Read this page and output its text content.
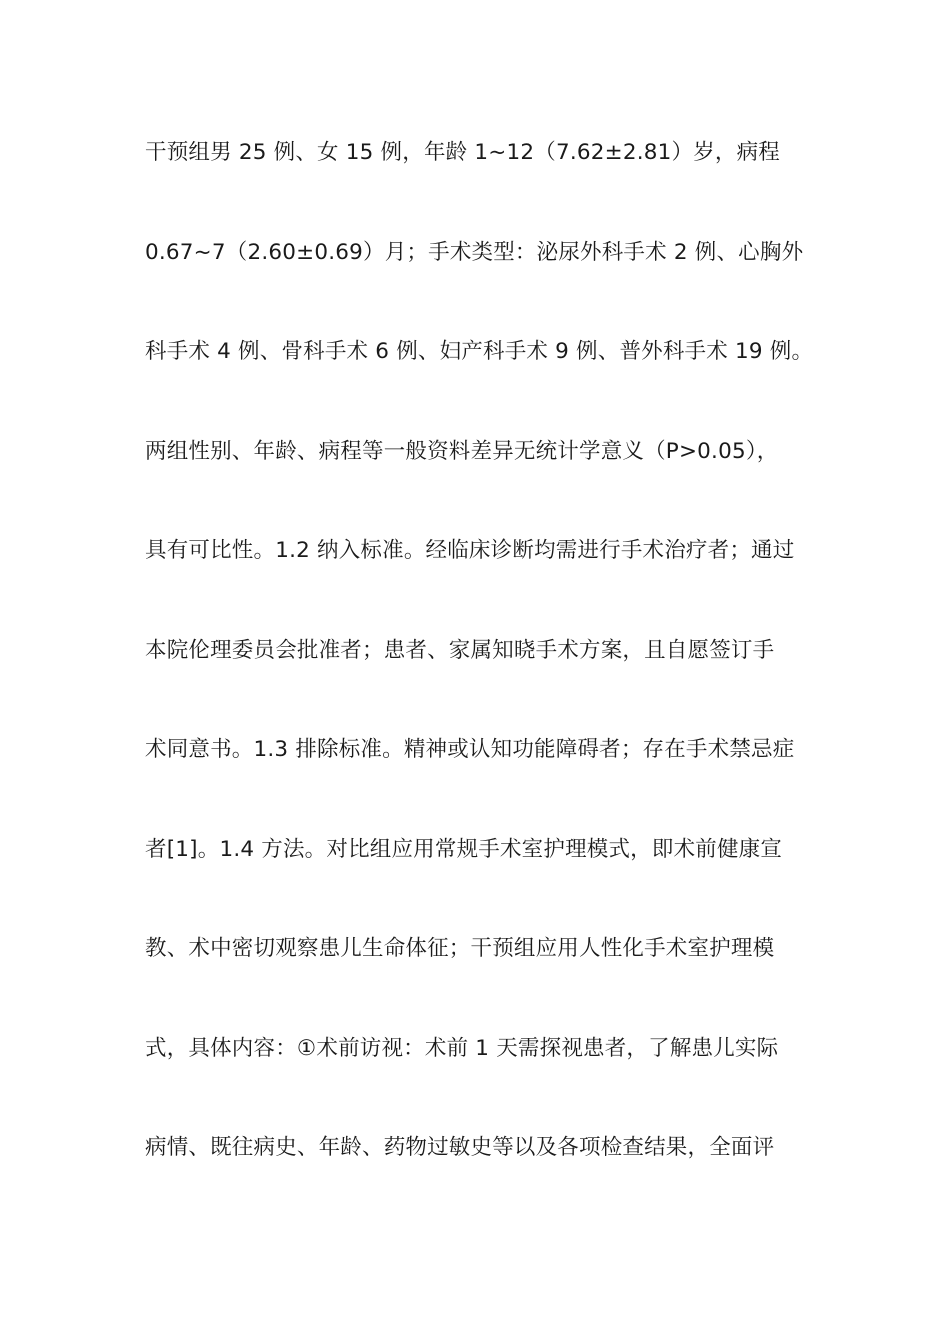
干预组男 25 例、女 15 例，年龄 1~12（7.62±2.81）岁，病程
0.67~7（2.60±0.69）月；手术类型：泌尿外科手术 2 例、心胸外
科手术 4 例、骨科手术 6 例、妇产科手术 9 例、普外科手术 19 例。
两组性别、年龄、病程等一般资料差异无统计学意义（P>0.05），
具有可比性。1.2 纳入标准。经临床诊断均需进行手术治疗者；通过
本院伦理委员会批准者；患者、家属知晓手术方案，且自愿签订手
术同意书。1.3 排除标准。精神或认知功能障碍者；存在手术禁忌症
者[1]。1.4 方法。对比组应用常规手术室护理模式，即术前健康宣
教、术中密切观察患儿生命体征；干预组应用人性化手术室护理模
式，具体内容：①术前访视：术前 1 天需探视患者，了解患儿实际
病情、既往病史、年龄、药物过敏史等以及各项检查结果，全面评
